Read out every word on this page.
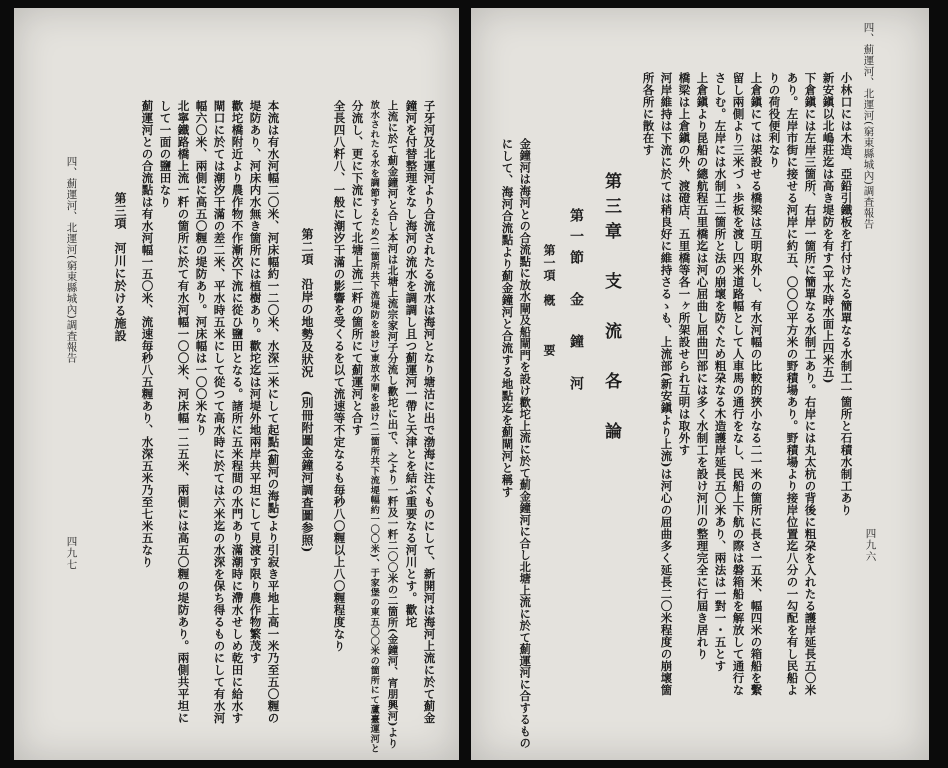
四、薊運河、北運河(窮東縣城內)調査報告
小林口には木造、亞鉛引鐵板を打付けたる簡單なる水制工一箇所と石積水制工あり
新安鎭以北嶋莊迄は高き堤防を有す(平水時水面上四米五)
下倉鎭には左岸三箇所、右岸一箇所に簡單なる水制工あり。右岸には丸太杭の背後に粗朶を入れたる護岸延長五〇米
あり。左岸市街に接せる河岸に約五、〇〇〇平方米の野積場あり。野積場より接岸位置迄八分の一勾配を有し民船よ
りの荷役便利なり
上倉鎭にては架設せる橋梁は互明取外し、有水河幅の比較的狹小なる二一米の箇所に長さ一五米、幅四米の箱船を繫
留し兩側より三米づゝ歩板を渡し四米道路幅として人車馬の通行をなし、民船上下航の際は磐箱船を解放して通行な
さしむ。左岸には水制工二箇所と法の崩壞を防ぐため粗朶なる木造護岸延長五〇米あり、兩法は一對一・五とす
上倉鎭より昆船の總航程五里橋迄は河心屈曲し屈曲凹部には多く水制工を設け河川の整理完全に行屆き居れり
橋梁は上倉鎭の外、渡磴店、五里橋等各一ヶ所架設せられ互明は取外す
河岸維持は下流に於ては稍良好に維持さるゝも、上流部(新安鎭より上流)は河心の屈曲多く延長二〇米程度の崩壞箇
所各所に散在す
第三章　支　流　各　論
第一節　金　鐘　河
第一項　槪　　　要
金鐘河は海河との合流點に放水閘及船閘門を設け歡坨上流に於て薊金鐘河に合し北塘上流に於て薊運河に合するもの
にして、海河合流點より薊金鐘河と合流する地點迄を薊閘河と稱す
四九六
子牙河及北運河より合流されたる流水は海河となり塘沽に出で渤海に注ぐものにして、新開河は海河上流に於て薊金
鐘河を付替整理をなし海河の流水を調調し且つ薊運河一帶と天津とを結ぶ重要なる河川とす。歡坨
上流に於て薊金鐘河と合し本河は北塘上流宗家河子分流し歡坨に出で、之より一粁及一粁二〇〇米の二箇所(金鐘河、宵朋興河)より
放水されたる水を調節するため(二箇所共下流堤防を設け)東放水閘を設け(二箇所共下流堤幅約一〇〇米)、于家堡の東五〇〇米の箇所にて蘆臺運河と
分流し、更に下流にして北塘上流二粁の箇所にて薊運河と合す
全長四八粁八、一般に潮汐干滿の影響を受くるを以て流速等不定なるも毎秒八〇糎以上八〇糎程度なり
第二項　沿岸の地勢及狀況　(別冊附圖金鐘河調査圖参照)
本流は有水河幅二〇米、河床幅約一二〇米、水深二米にして起點(薊河の海點)より引寂き平地上高一米乃至五〇糎の
堤防あり、河床内水無き箇所には植樹あり。歡坨迄は河堤外地兩岸共平坦にして見渡す限り農作物繁茂す
歡坨橋附近より農作物不作漸次下流に從ひ鹽田となる。諸所に五米程間の水門あり滿潮時に滯水せしめ乾田に給水す
閘口に於ては潮汐干滿の差二米、平水時五米にして從つて高水時に於ては六米迄の水深を保ち得るものにして有水河
幅六〇米、兩側に高五〇糎の堤防あり。河床幅は一〇〇米なり
北寧鐵路橋上流一粁の箇所に於て有水河幅一〇〇米、河床幅一二五米、兩側には高五〇糎の堤防あり。兩側共平坦に
して一面の鹽田なり
薊運河との合流點は有水河幅一五〇米、流速毎秒八五糎あり、水深五米乃至七米五なり
第三項　河川に於ける施設
四、薊運河、北運河(窮東縣城內)調査報告
四九七
